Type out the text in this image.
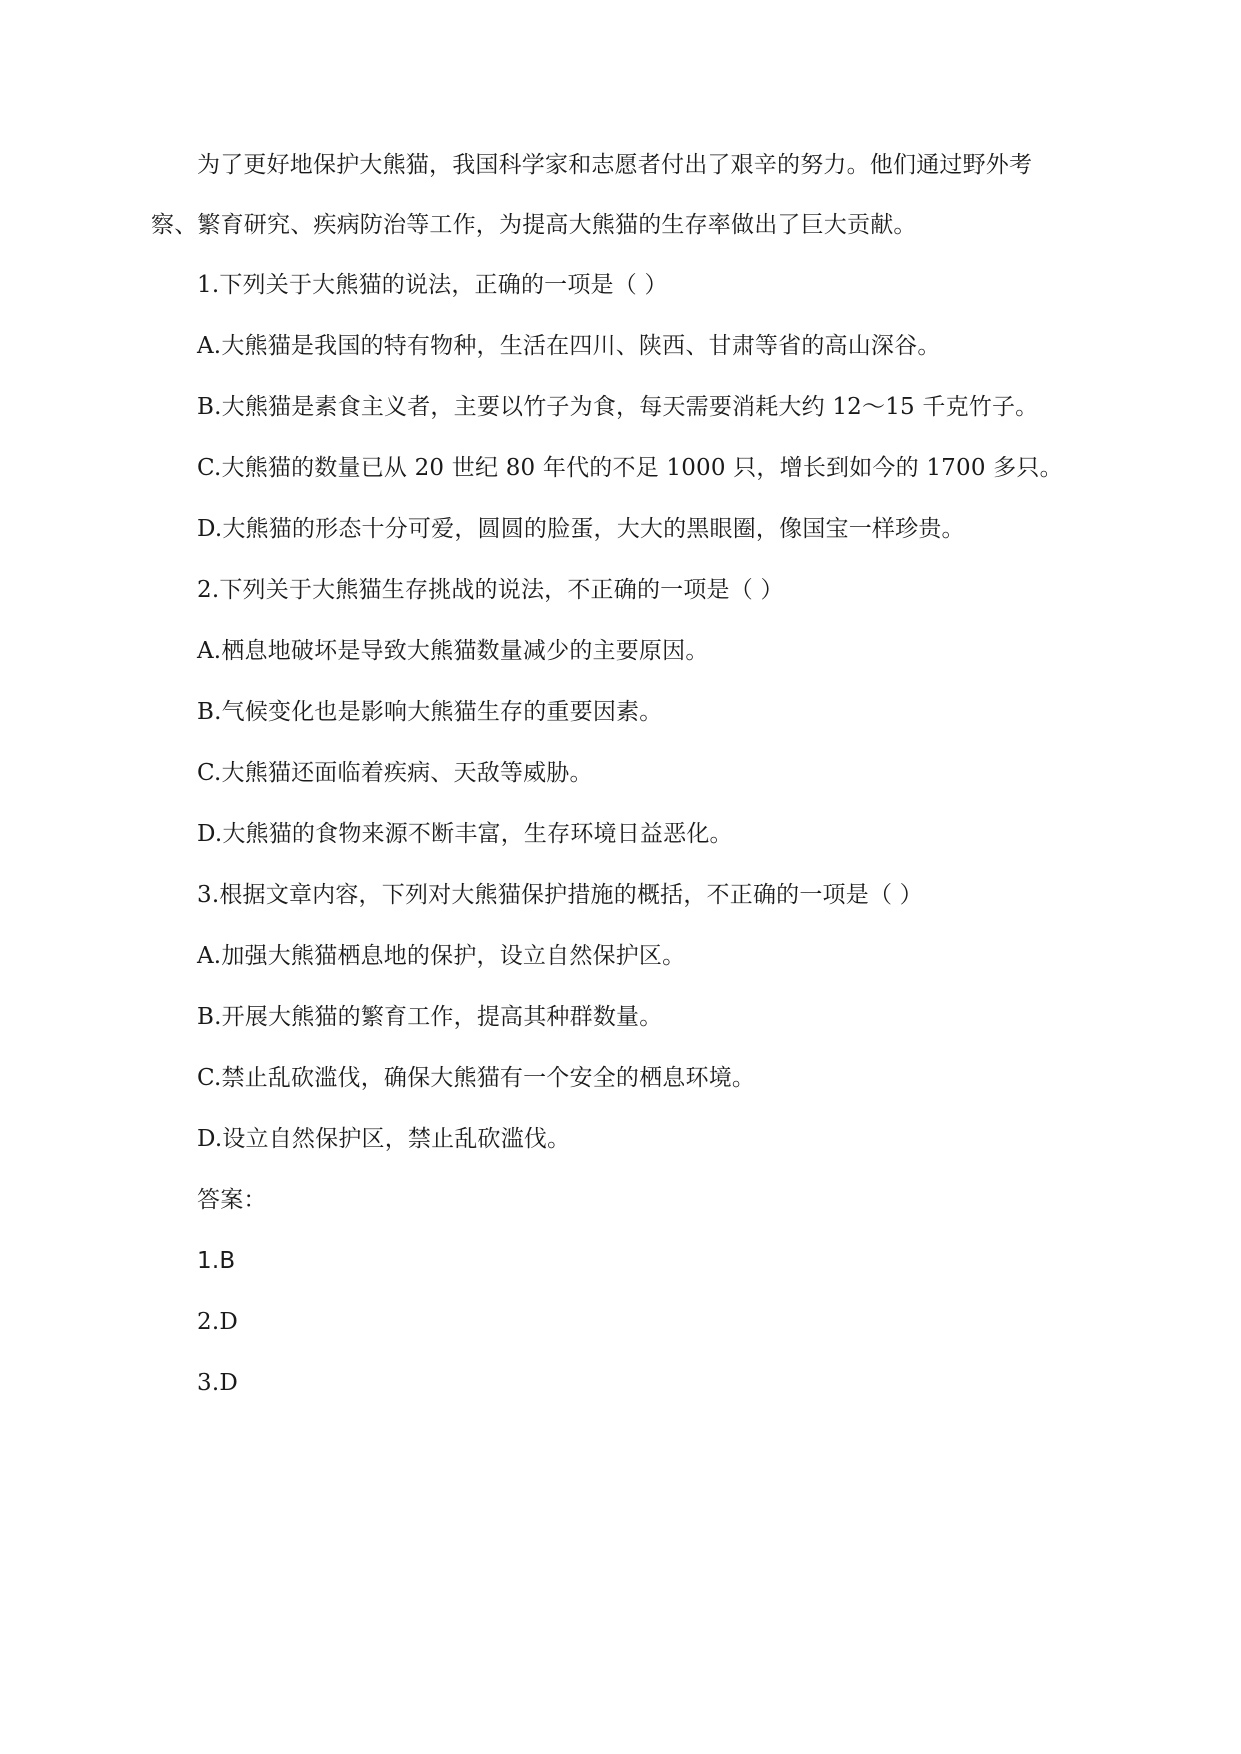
为了更好地保护大熊猫，我国科学家和志愿者付出了艰辛的努力。他们通过野外考
察、繁育研究、疾病防治等工作，为提高大熊猫的生存率做出了巨大贡献。
1.下列关于大熊猫的说法，正确的一项是（ ）
A.大熊猫是我国的特有物种，生活在四川、陕西、甘肃等省的高山深谷。
B.大熊猫是素食主义者，主要以竹子为食，每天需要消耗大约 12～15 千克竹子。
C.大熊猫的数量已从 20 世纪 80 年代的不足 1000 只，增长到如今的 1700 多只。
D.大熊猫的形态十分可爱，圆圆的脸蛋，大大的黑眼圈，像国宝一样珍贵。
2.下列关于大熊猫生存挑战的说法，不正确的一项是（ ）
A.栖息地破坏是导致大熊猫数量减少的主要原因。
B.气候变化也是影响大熊猫生存的重要因素。
C.大熊猫还面临着疾病、天敌等威胁。
D.大熊猫的食物来源不断丰富，生存环境日益恶化。
3.根据文章内容，下列对大熊猫保护措施的概括，不正确的一项是（ ）
A.加强大熊猫栖息地的保护，设立自然保护区。
B.开展大熊猫的繁育工作，提高其种群数量。
C.禁止乱砍滥伐，确保大熊猫有一个安全的栖息环境。
D.设立自然保护区，禁止乱砍滥伐。
答案：
1.B
2.D
3.D
